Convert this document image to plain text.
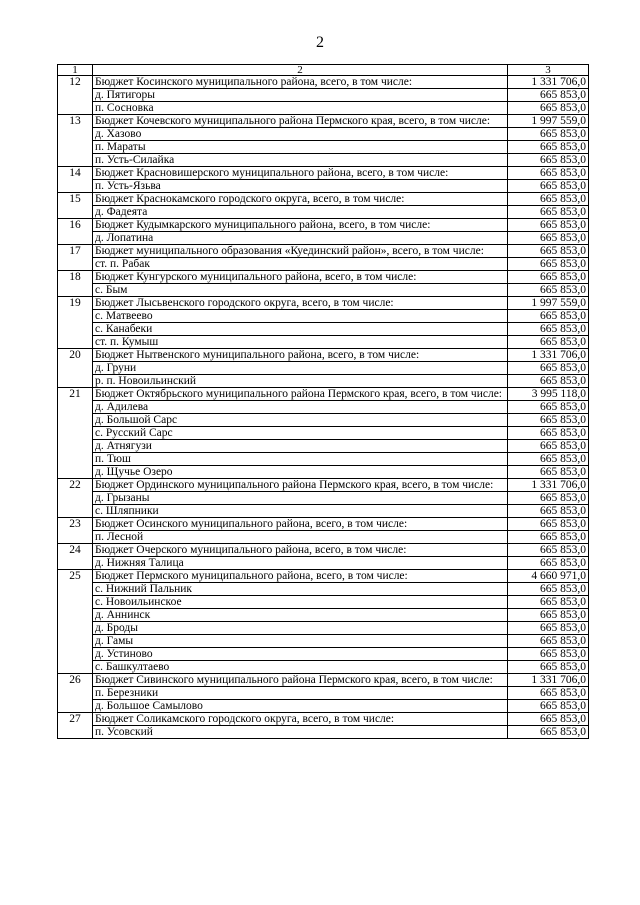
2
1	2	3
12	Бюджет Косинского муниципального района, всего, в том числе:	1 331 706,0
	д. Пятигоры	665 853,0
	п. Сосновка	665 853,0
13	Бюджет Кочевского муниципального района Пермского края, всего, в том числе:	1 997 559,0
	д. Хазово	665 853,0
	п. Мараты	665 853,0
	п. Усть-Силайка	665 853,0
14	Бюджет Красновишерского муниципального района, всего, в том числе:	665 853,0
	п. Усть-Язьва	665 853,0
15	Бюджет Краснокамского городского округа, всего, в том числе:	665 853,0
	д. Фадеята	665 853,0
16	Бюджет Кудымкарского муниципального района, всего, в том числе:	665 853,0
	д. Лопатина	665 853,0
17	Бюджет муниципального образования «Куединский район», всего, в том числе:	665 853,0
	ст. п. Рабак	665 853,0
18	Бюджет Кунгурского муниципального района, всего, в том числе:	665 853,0
	с. Бым	665 853,0
19	Бюджет Лысьвенского городского округа, всего, в том числе:	1 997 559,0
	с. Матвеево	665 853,0
	с. Канабеки	665 853,0
	ст. п. Кумыш	665 853,0
20	Бюджет Нытвенского муниципального района, всего, в том числе:	1 331 706,0
	д. Груни	665 853,0
	р. п. Новоильинский	665 853,0
21	Бюджет Октябрьского муниципального района Пермского края, всего, в том числе:	3 995 118,0
	д. Адилева	665 853,0
	д. Большой Сарс	665 853,0
	с. Русский Сарс	665 853,0
	д. Атнягузи	665 853,0
	п. Тюш	665 853,0
	д. Щучье Озеро	665 853,0
22	Бюджет Ординского муниципального района Пермского края, всего, в том числе:	1 331 706,0
	д. Грызаны	665 853,0
	с. Шляпники	665 853,0
23	Бюджет Осинского муниципального района, всего, в том числе:	665 853,0
	п. Лесной	665 853,0
24	Бюджет Очерского муниципального района, всего, в том числе:	665 853,0
	д. Нижняя Талица	665 853,0
25	Бюджет Пермского муниципального района, всего, в том числе:	4 660 971,0
	с. Нижний Пальник	665 853,0
	с. Новоильинское	665 853,0
	д. Аннинск	665 853,0
	д. Броды	665 853,0
	д. Гамы	665 853,0
	д. Устиново	665 853,0
	с. Башкултаево	665 853,0
26	Бюджет Сивинского муниципального района Пермского края, всего, в том числе:	1 331 706,0
	п. Березники	665 853,0
	д. Большое Самылово	665 853,0
27	Бюджет Соликамского городского округа, всего, в том числе:	665 853,0
	п. Усовский	665 853,0
